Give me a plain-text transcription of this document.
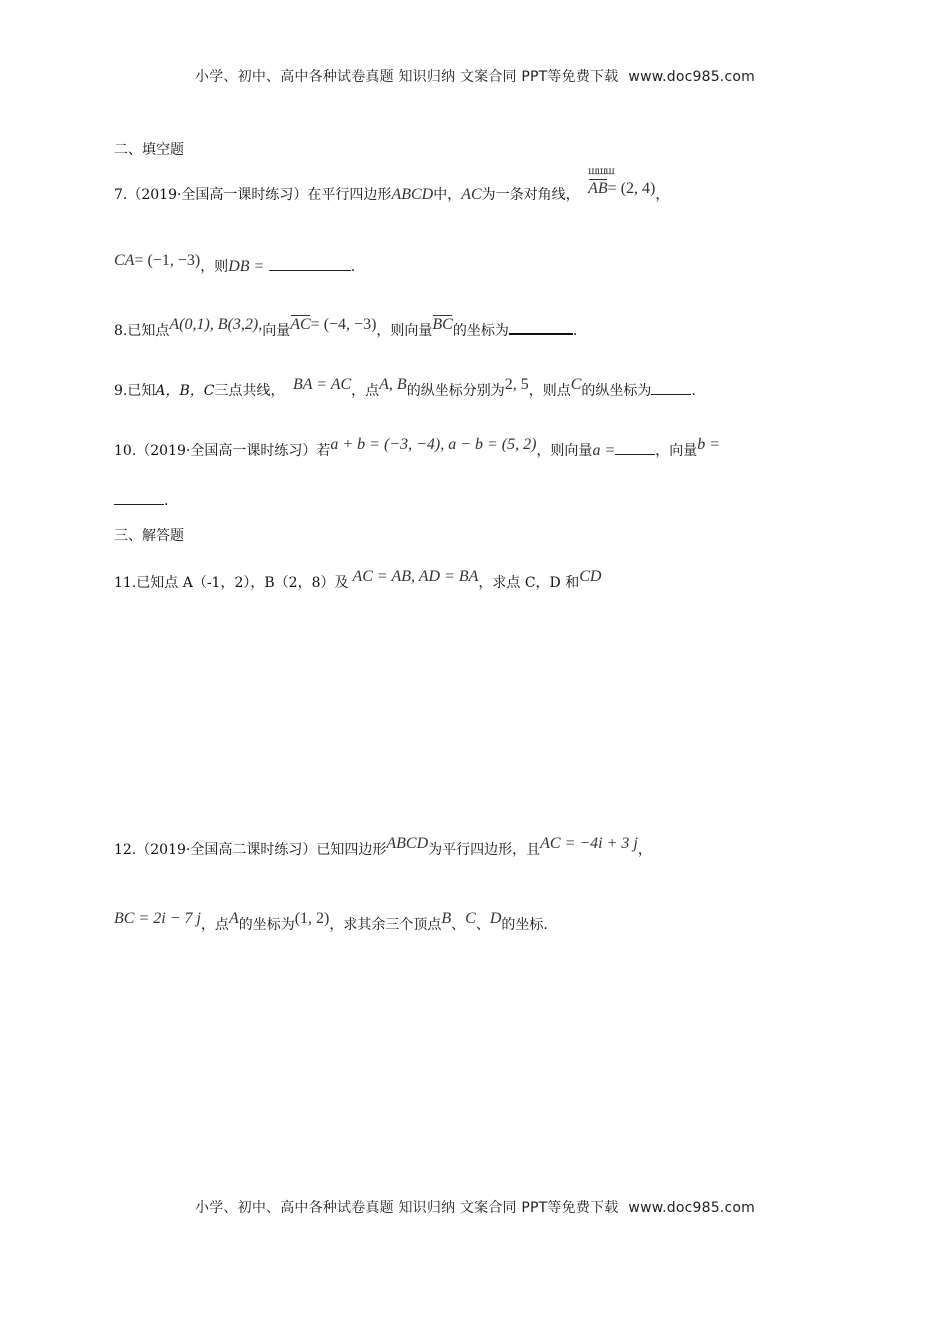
小学、初中、高中各种试卷真题 知识归纳 文案合同 PPT等免费下载 www.doc985.com
二、填空题
7.（2019·全国高一课时练习）在平行四边形ABCD中，AC为一条对角线，
ꟺꟺꟺ
AB= (2, 4)，
CA= (−1, −3)，则DB =	.
8.已知点A(0,1), B(3,2),向量AC= (−4, −3)，则向量BC的坐标为	.
9.已知A，B，C三点共线， BA = AC，点A, B的纵坐标分别为2, 5，则点C的纵坐标为	.
10.（2019·全国高一课时练习）若a + b = (−3, −4), a − b = (5, 2)，则向量a =	，向量b =
.
三、解答题
11.已知点 A（-1，2），B（2，8）及 AC = AB, AD = BA，求点 C，D 和CD
12.（2019·全国高二课时练习）已知四边形ABCD为平行四边形，且AC = −4i + 3 j，
BC = 2i − 7 j，点A的坐标为(1, 2)，求其余三个顶点B、C、D的坐标.
小学、初中、高中各种试卷真题 知识归纳 文案合同 PPT等免费下载 www.doc985.com
